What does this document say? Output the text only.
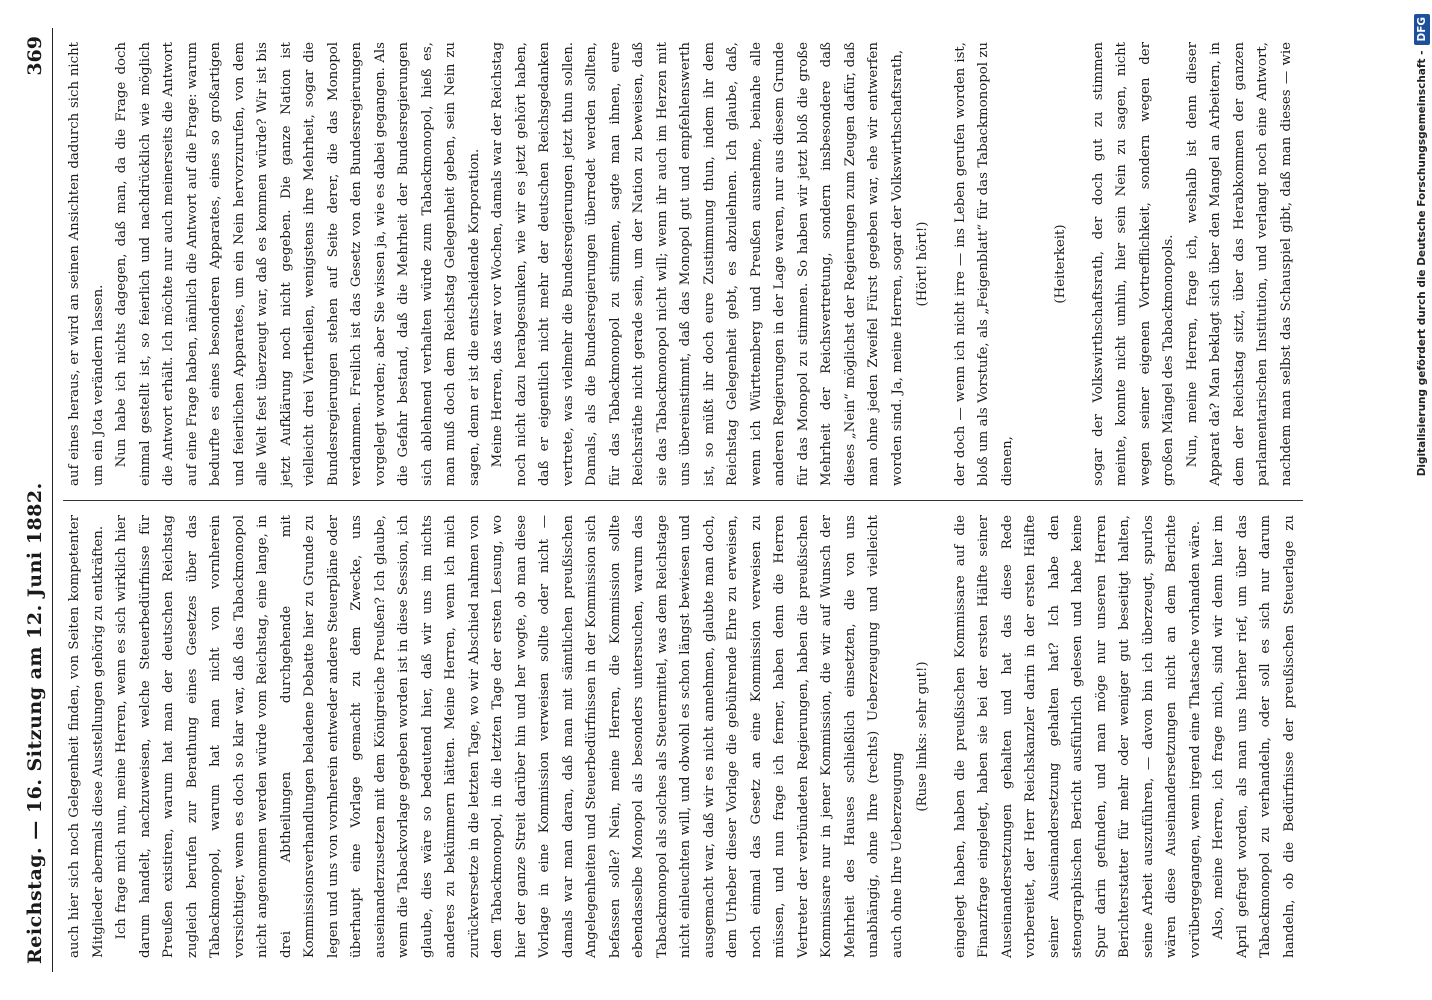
Reichstag. — 16. Sitzung am 12. Juni 1882.
369

auch hier sich noch Gelegenheit finden, von Seiten kompetenter Mitglieder abermals diese Ausstellungen gehörig zu entkräften. Ich frage mich nun, meine Herren, wenn es sich wirklich hier darum handelt, nachzuweisen, welche Steuerbedürfnisse für Preußen existiren, warum hat man der deutschen Reichstag zugleich berufen zur Berathung eines Gesetzes über das Tabackmonopol, warum hat man nicht von vornherein vorsichtiger, wenn es doch so klar war, daß das Tabackmonopol nicht angenommen werden würde vom Reichstag, eine lange, in drei Abtheilungen durchgehende mit Kommissionsverhandlungen beladene Debatte hier zu Grunde zu legen und uns von vornherein entweder andere Steuerpläne oder überhaupt eine Vorlage gemacht zu dem Zwecke, uns auseinanderzusetzen mit dem Königreiche Preußen? Ich glaube, wenn die Tabackvorlage gegeben worden ist in diese Session, ich glaube, dies wäre so bedeutend hier, daß wir uns im nichts anderes zu bekümmern hätten. Meine Herren, wenn ich mich zurückversetze in die letzten Tage, wo wir Abschied nahmen von dem Tabackmonopol, in die letzten Tage der ersten Lesung, wo hier der ganze Streit darüber hin und her wogte, ob man diese Vorlage in eine Kommission verweisen sollte oder nicht — damals war man daran, daß man mit sämtlichen preußischen Angelegenheiten und Steuerbedürfnissen in der Kommission sich befassen solle? Nein, meine Herren, die Kommission sollte ebendasselbe Monopol als besonders untersuchen, warum das Tabackmonopol als solches als Steuermittel, was dem Reichstage nicht einleuchten will, und obwohl es schon längst bewiesen und ausgemacht war, daß wir es nicht annehmen, glaubte man doch, dem Urheber dieser Vorlage die gebührende Ehre zu erweisen, noch einmal das Gesetz an eine Kommission verweisen zu müssen, und nun frage ich ferner, haben denn die Herren Vertreter der verbündeten Regierungen, haben die preußischen Kommissare nur in jener Kommission, die wir auf Wunsch der Mehrheit des Hauses schließlich einsetzten, die von uns unabhängig, ohne Ihre (rechts) Ueberzeugung und vielleicht auch ohne Ihre Ueberzeugung

(Ruse links: sehr gut!)	eingelegt haben, haben die preußischen Kommissare auf die Finanzfrage eingelegt, haben sie bei der ersten Hälfte seiner Auseinandersetzungen gehalten und hat das diese Rede vorbereitet, der Herr Reichskanzler darin in der ersten Hälfte seiner Auseinandersetzung gehalten hat? Ich habe den stenographischen Bericht ausführlich gelesen und habe keine Spur darin gefunden, und man möge nur unseren Herren Berichterstatter für mehr oder weniger gut beseitigt halten, seine Arbeit auszuführen, — davon bin ich überzeugt, spurlos wären diese Auseinandersetzungen nicht an dem Berichte vorübergegangen, wenn irgend eine Thatsache vorhanden wäre. Also, meine Herren, ich frage mich, sind wir denn hier im April gefragt worden, als man uns hierher rief, um über das Tabackmonopol zu verhandeln, oder soll es sich nur darum handeln, ob die Bedürfnisse der preußischen Steuerlage zu

auf eines heraus, er wird an seinen Ansichten dadurch sich nicht um ein Jota verändern lassen. Nun habe ich nichts dagegen, daß man, da die Frage doch einmal gestellt ist, so feierlich und nachdrücklich wie möglich die Antwort erhält. Ich möchte nur auch meinerseits die Antwort auf eine Frage haben, nämlich die Antwort auf die Frage: warum bedurfte es eines besonderen Apparates, eines so großartigen und feierlichen Apparates, um ein Nein hervorzurufen, von dem alle Welt fest überzeugt war, daß es kommen würde? Wir ist bis jetzt Aufklärung noch nicht gegeben. Die ganze Nation ist vielleicht drei Viertheilen, wenigstens ihre Mehrheit, sogar die Bundesregierungen stehen auf Seite derer, die das Monopol verdammen. Freilich ist das Gesetz von den Bundesregierungen vorgelegt worden; aber Sie wissen ja, wie es dabei gegangen. Als die Gefahr bestand, daß die Mehrheit der Bundesregierungen sich ablehnend verhalten würde zum Tabackmonopol, hieß es, man muß doch dem Reichstag Gelegenheit geben, sein Nein zu sagen, denn er ist die entscheidende Korporation. Meine Herren, das war vor Wochen, damals war der Reichstag noch nicht dazu herabgesunken, wie wir es jetzt gehört haben, daß er eigentlich nicht mehr der deutschen Reichsgedanken vertrete, was vielmehr die Bundesregierungen jetzt thun sollen. Damals, als die Bundesregierungen überredet werden sollten, für das Tabackmonopol zu stimmen, sagte man ihnen, eure Reichsräthe nicht gerade sein, um der Nation zu beweisen, daß sie das Tabackmonopol nicht will; wenn ihr auch im Herzen mit uns übereinstimmt, daß das Monopol gut und empfehlenswerth ist, so müßt ihr doch eure Zustimmung thun, indem ihr dem Reichstag Gelegenheit gebt, es abzulehnen. Ich glaube, daß, wenn ich Württemberg und Preußen ausnehme, beinahe alle anderen Regierungen in der Lage waren, nur aus diesem Grunde für das Monopol zu stimmen. So haben wir jetzt bloß die große Mehrheit der Reichsvertretung, sondern insbesondere daß dieses „Nein“ möglichst der Regierungen zum Zeugen dafür, daß man ohne jeden Zweifel Fürst gegeben war, ehe wir entwerfen worden sind. Ja, meine Herren, sogar der Volkswirthschaftsrath, (Hört! hört!)	der doch — wenn ich nicht irre — ins Leben gerufen worden ist, bloß um als Vorstufe, als „Feigenblatt“ für das Tabackmonopol zu dienen,

(Heiterkeit)	sogar der Volkswirthschaftsrath, der doch gut zu stimmen meinte, konnte nicht umhin, hier sein Nein zu sagen, nicht wegen seiner eigenen Vortrefflichkeit, sondern wegen der großen Mängel des Tabackmonopols. Nun, meine Herren, frage ich, weshalb ist denn dieser Apparat da? Man beklagt sich über den Mangel an Arbeitern, in dem der Reichstag sitzt, über das Herabkommen der ganzen parlamentarischen Institution, und verlangt noch eine Antwort, nachdem man selbst das Schauspiel gibt, daß man dieses — wie	Digitalisierung gefördert durch die Deutsche Forschungsgemeinschaft -DFG
